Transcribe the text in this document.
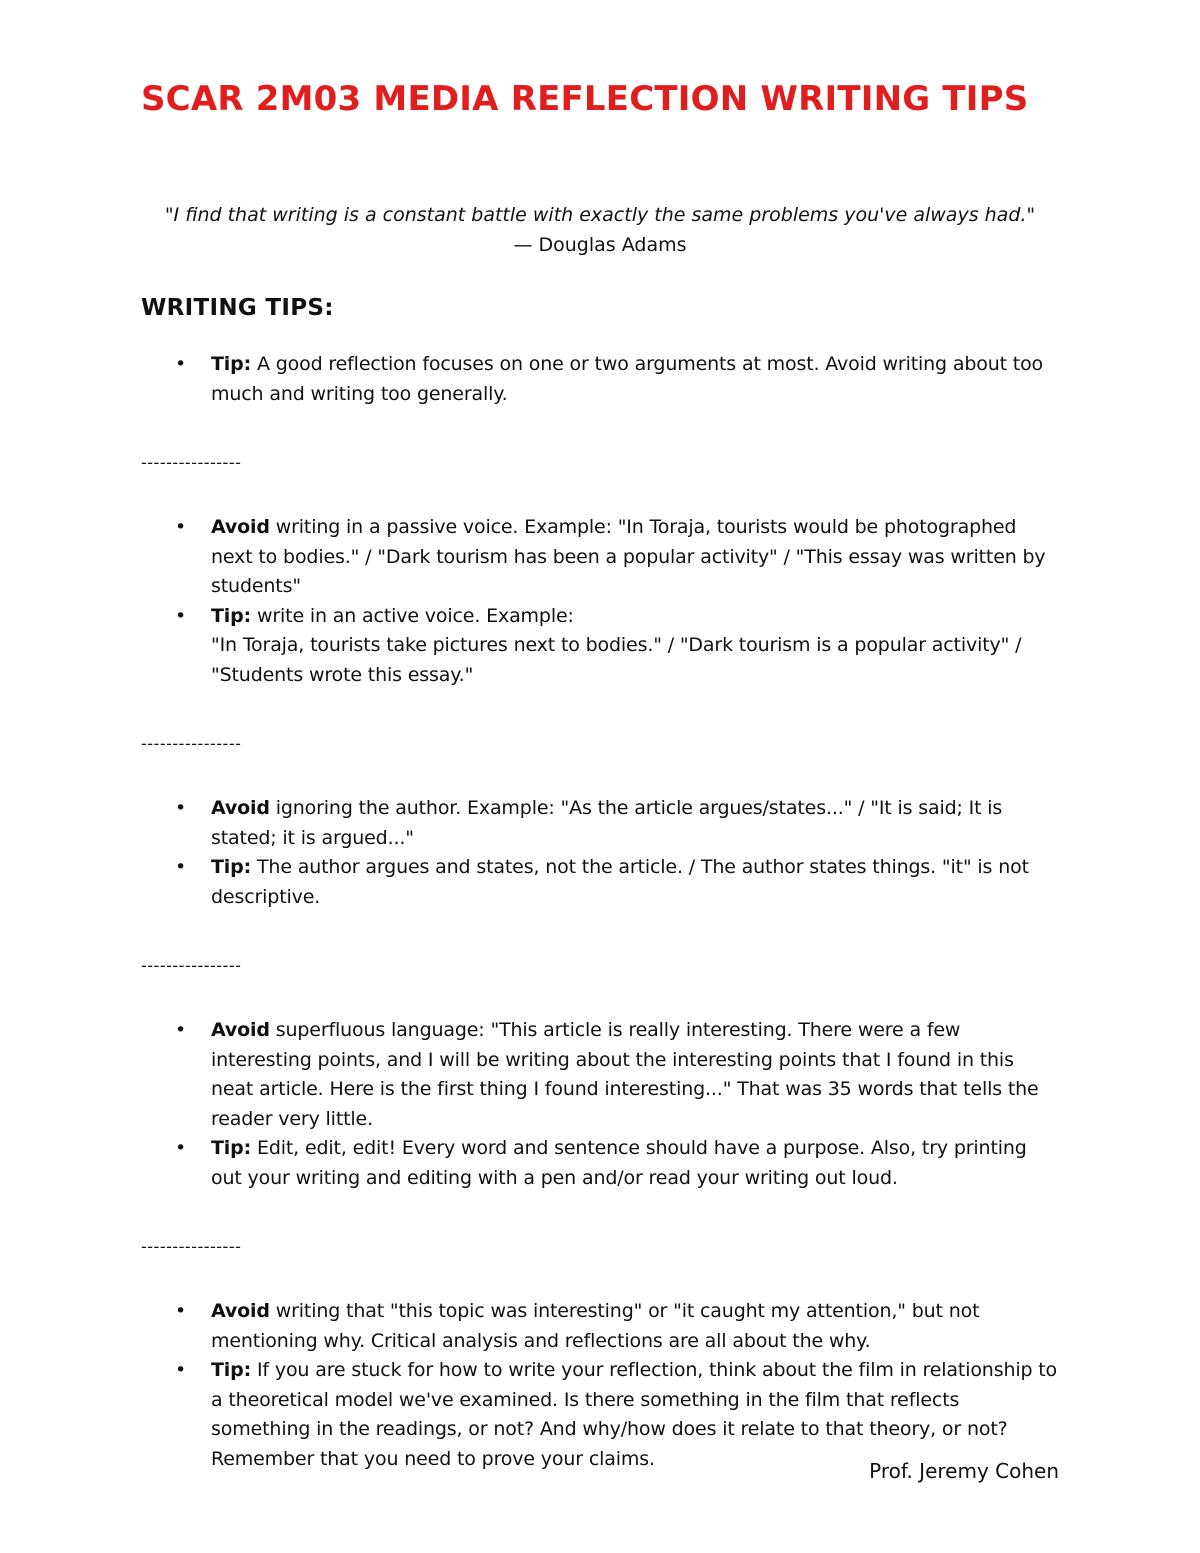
SCAR 2M03 MEDIA REFLECTION WRITING TIPS
"I find that writing is a constant battle with exactly the same problems you've always had."
— Douglas Adams
WRITING TIPS:
• Tip: A good reflection focuses on one or two arguments at most. Avoid writing about too much and writing too generally.
----------------
• Avoid writing in a passive voice. Example: "In Toraja, tourists would be photographed next to bodies." / "Dark tourism has been a popular activity" / "This essay was written by students"
• Tip: write in an active voice. Example:
"In Toraja, tourists take pictures next to bodies." / "Dark tourism is a popular activity" / "Students wrote this essay."
----------------
• Avoid ignoring the author. Example: "As the article argues/states..." / "It is said; It is stated; it is argued..."
• Tip: The author argues and states, not the article. / The author states things. "it" is not descriptive.
----------------
• Avoid superfluous language: "This article is really interesting. There were a few interesting points, and I will be writing about the interesting points that I found in this neat article. Here is the first thing I found interesting..." That was 35 words that tells the reader very little.
• Tip: Edit, edit, edit! Every word and sentence should have a purpose. Also, try printing out your writing and editing with a pen and/or read your writing out loud.
----------------
• Avoid writing that "this topic was interesting" or "it caught my attention," but not mentioning why. Critical analysis and reflections are all about the why.
• Tip: If you are stuck for how to write your reflection, think about the film in relationship to a theoretical model we've examined. Is there something in the film that reflects something in the readings, or not? And why/how does it relate to that theory, or not? Remember that you need to prove your claims.
Prof. Jeremy Cohen
